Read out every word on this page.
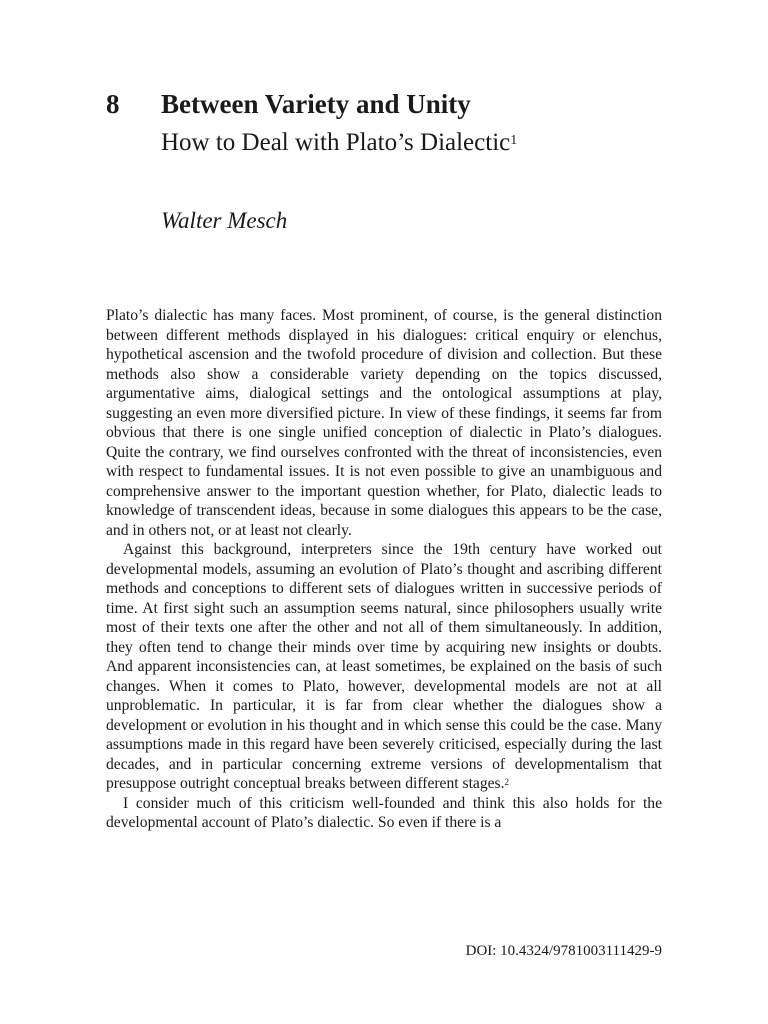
8 Between Variety and Unity
How to Deal with Plato’s Dialectic$^1$
Walter Mesch

Plato’s dialectic has many faces. Most prominent, of course, is the general distinction between different methods displayed in his dialogues: critical enquiry or elenchus, hypothetical ascension and the twofold procedure of division and collection. But these methods also show a considerable variety depending on the topics discussed, argumentative aims, dialogical settings and the ontological assumptions at play, suggesting an even more diversified picture. In view of these findings, it seems far from obvious that there is one single unified conception of dialectic in Plato’s dialogues. Quite the contrary, we find ourselves confronted with the threat of inconsistencies, even with respect to fundamental issues. It is not even possible to give an unambiguous and comprehensive answer to the important question whether, for Plato, dialectic leads to knowledge of transcendent ideas, because in some dialogues this appears to be the case, and in others not, or at least not clearly.

Against this background, interpreters since the 19th century have worked out developmental models, assuming an evolution of Plato’s thought and ascribing different methods and conceptions to different sets of dialogues written in successive periods of time. At first sight such an assumption seems natural, since philosophers usually write most of their texts one after the other and not all of them simultaneously. In addition, they often tend to change their minds over time by acquiring new insights or doubts. And apparent inconsistencies can, at least sometimes, be explained on the basis of such changes. When it comes to Plato, however, developmental models are not at all unproblematic. In particular, it is far from clear whether the dialogues show a development or evolution in his thought and in which sense this could be the case. Many assumptions made in this regard have been severely criticised, especially during the last decades, and in particular concerning extreme versions of developmentalism that presuppose outright conceptual breaks between different stages.$^2$

I consider much of this criticism well-founded and think this also holds for the developmental account of Plato’s dialectic. So even if there is a

DOI: 10.4324/9781003111429-9
